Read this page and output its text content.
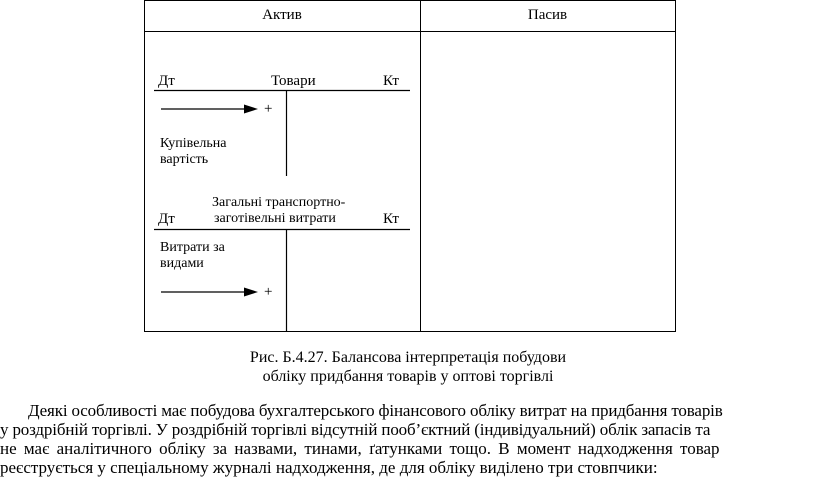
Актив	Пасив
Дт	Товари	Кт
+
Купівельна
вартість
Загальні транспортно-
заготівельні витрати
Дт	Кт
Витрати за
видами
+
Рис. Б.4.27. Балансова інтерпретація побудови
обліку придбання товарів у оптові торгівлі
Деякі особливості має побудова бухгалтерського фінансового обліку витрат на придбання товарів
у роздрібній торгівлі. У роздрібній торгівлі відсутній пооб’єктний (індивідуальний) облік запасів та
не має аналітичного обліку за назвами, тинами, ґатунками тощо. В момент надходження товар
реєструється у спеціальному журналі надходження, де для обліку виділено три стовпчики:
